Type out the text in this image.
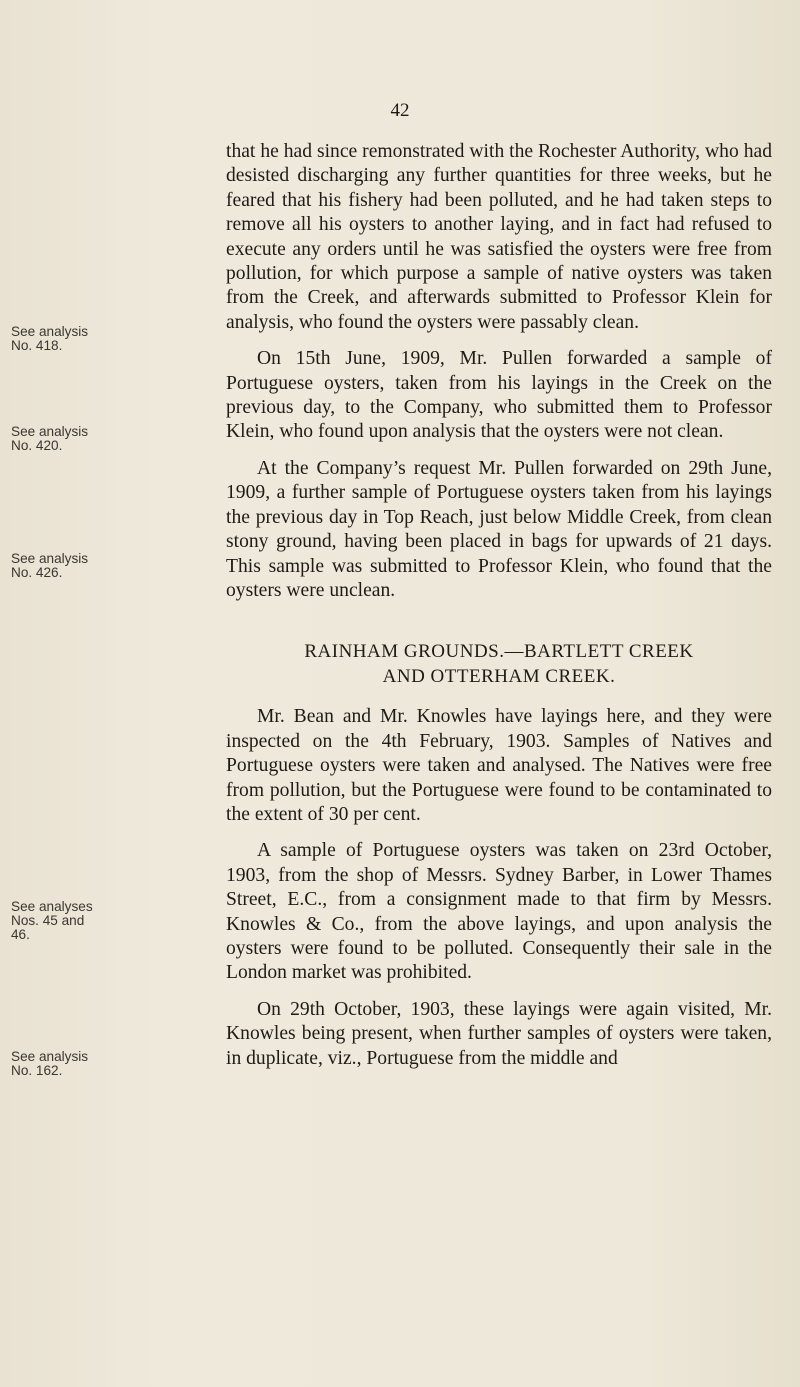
42
See analysis
No. 418.
See analysis
No. 420.
See analysis
No. 426.
See analyses
Nos. 45 and
46.
See analysis
No. 162.

that he had since remonstrated with the Rochester Authority, who had desisted discharging any further quantities for three weeks, but he feared that his fishery had been polluted, and he had taken steps to remove all his oysters to another laying, and in fact had refused to execute any orders until he was satisfied the oysters were free from pollution, for which purpose a sample of native oysters was taken from the Creek, and afterwards submitted to Professor Klein for analysis, who found the oysters were passably clean.

On 15th June, 1909, Mr. Pullen forwarded a sample of Portuguese oysters, taken from his layings in the Creek on the previous day, to the Company, who submitted them to Professor Klein, who found upon analysis that the oysters were not clean.

At the Company’s request Mr. Pullen forwarded on 29th June, 1909, a further sample of Portuguese oysters taken from his layings the previous day in Top Reach, just below Middle Creek, from clean stony ground, having been placed in bags for upwards of 21 days. This sample was submitted to Professor Klein, who found that the oysters were unclean.

RAINHAM GROUNDS.—BARTLETT CREEK
AND OTTERHAM CREEK.

Mr. Bean and Mr. Knowles have layings here, and they were inspected on the 4th February, 1903. Samples of Natives and Portuguese oysters were taken and analysed. The Natives were free from pollution, but the Portuguese were found to be contaminated to the extent of 30 per cent.

A sample of Portuguese oysters was taken on 23rd October, 1903, from the shop of Messrs. Sydney Barber, in Lower Thames Street, E.C., from a consignment made to that firm by Messrs. Knowles & Co., from the above layings, and upon analysis the oysters were found to be polluted. Consequently their sale in the London market was prohibited.

On 29th October, 1903, these layings were again visited, Mr. Knowles being present, when further samples of oysters were taken, in duplicate, viz., Portuguese from the middle and
